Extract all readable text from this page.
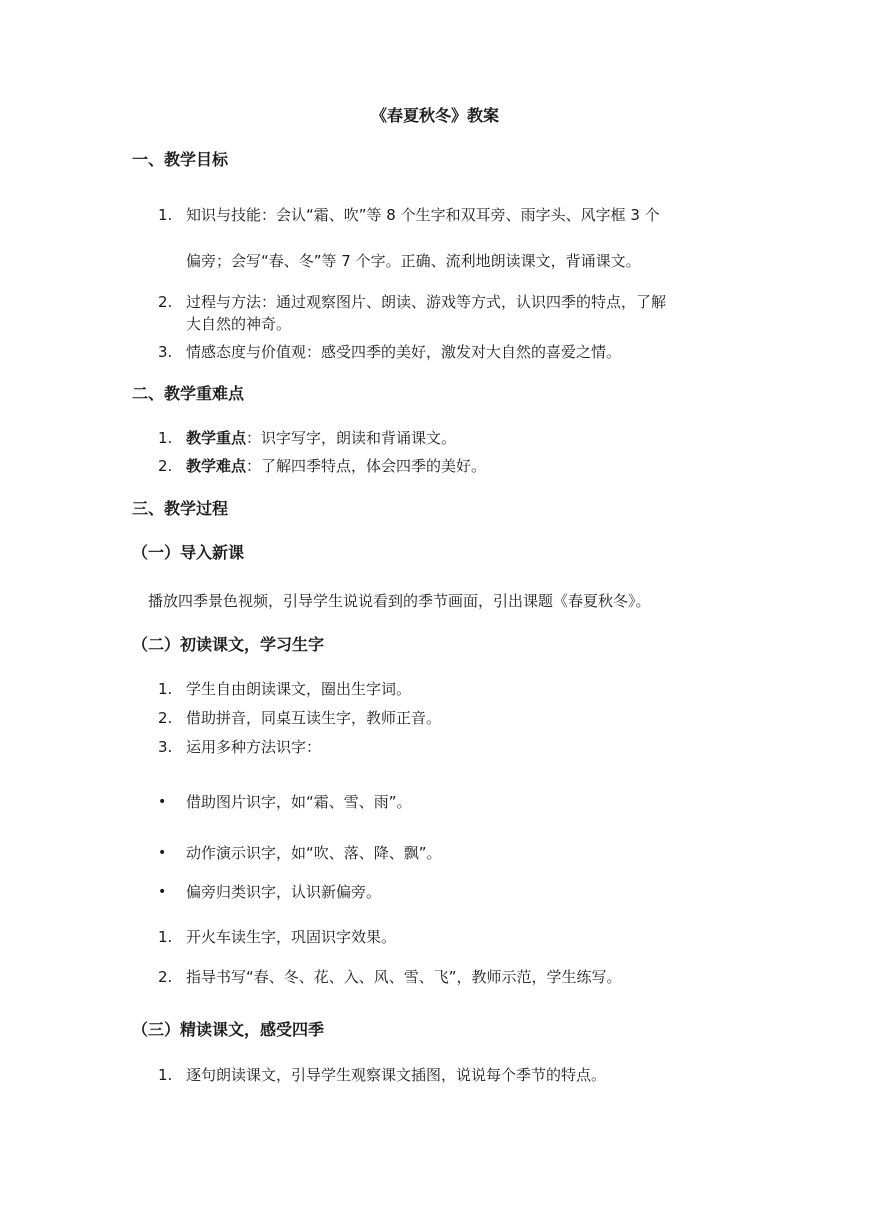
《春夏秋冬》教案
一、教学目标
1. 知识与技能：会认“霜、吹”等 8 个生字和双耳旁、雨字头、风字框 3 个
偏旁；会写“春、冬”等 7 个字。正确、流利地朗读课文，背诵课文。
2. 过程与方法：通过观察图片、朗读、游戏等方式，认识四季的特点，了解
大自然的神奇。
3. 情感态度与价值观：感受四季的美好，激发对大自然的喜爱之情。
二、教学重难点
1. 教学重点：识字写字，朗读和背诵课文。
2. 教学难点：了解四季特点，体会四季的美好。
三、教学过程
（一）导入新课
播放四季景色视频，引导学生说说看到的季节画面，引出课题《春夏秋冬》。
（二）初读课文，学习生字
1. 学生自由朗读课文，圈出生字词。
2. 借助拼音，同桌互读生字，教师正音。
3. 运用多种方法识字：
• 借助图片识字，如“霜、雪、雨”。
• 动作演示识字，如“吹、落、降、飘”。
• 偏旁归类识字，认识新偏旁。
1. 开火车读生字，巩固识字效果。
2. 指导书写“春、冬、花、入、风、雪、飞”，教师示范，学生练写。
（三）精读课文，感受四季
1. 逐句朗读课文，引导学生观察课文插图，说说每个季节的特点。
